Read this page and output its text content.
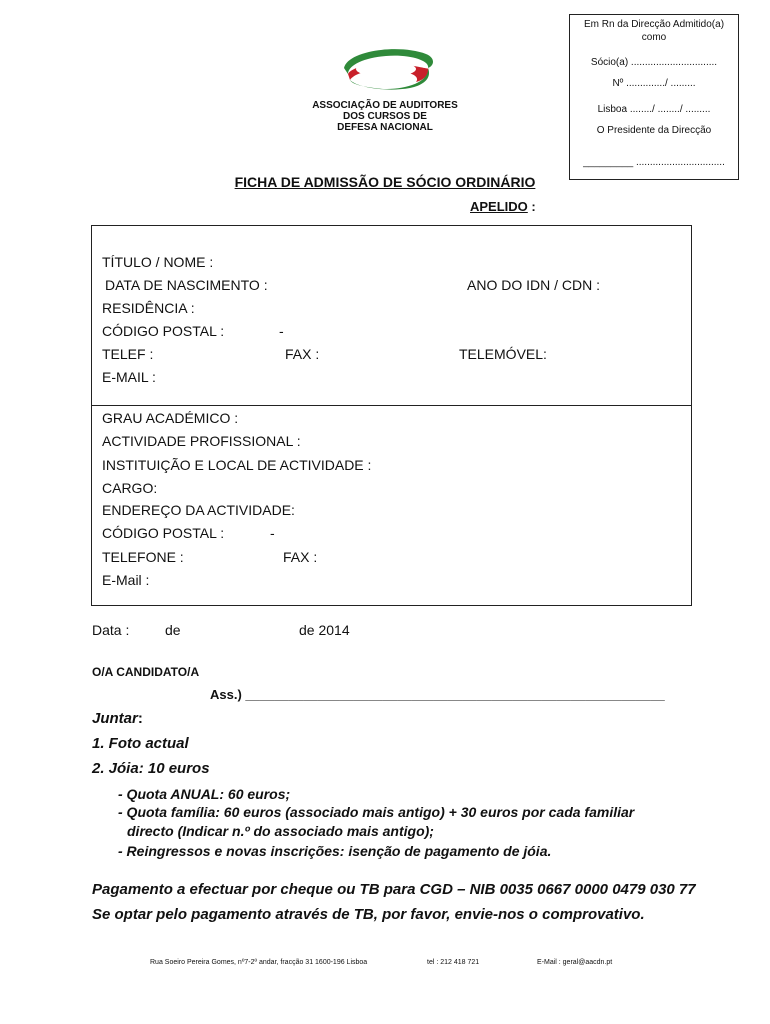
Em Rn da Direcção Admitido(a)
como
Sócio(a) ...............................
Nº ............../ .........
Lisboa ......../ ......../ .........
O Presidente da Direcção
_________ ................................
ASSOCIAÇÃO DE AUDITORES
DOS CURSOS DE
DEFESA NACIONAL
FICHA DE ADMISSÃO DE SÓCIO ORDINÁRIO
APELIDO :
TÍTULO / NOME :
DATA DE NASCIMENTO :	ANO DO IDN / CDN :
RESIDÊNCIA :
CÓDIGO POSTAL :	-
TELEF :	FAX :	TELEMÓVEL:
E-MAIL :
GRAU ACADÉMICO :
ACTIVIDADE PROFISSIONAL :
INSTITUIÇÃO E LOCAL DE ACTIVIDADE :
CARGO:
ENDEREÇO DA ACTIVIDADE:
CÓDIGO POSTAL :	-
TELEFONE :	FAX :
E-Mail :
Data :	de	de 2014
O/A CANDIDATO/A
Ass.) __________________________________________________________
Juntar:
1. Foto actual
2. Jóia: 10 euros
- Quota ANUAL: 60 euros;
- Quota família: 60 euros (associado mais antigo) + 30 euros por cada familiar
directo (Indicar n.º do associado mais antigo);
- Reingressos e novas inscrições: isenção de pagamento de jóia.
Pagamento a efectuar por cheque ou TB para CGD – NIB 0035 0667 0000 0479 030 77
Se optar pelo pagamento através de TB, por favor, envie-nos o comprovativo.
Rua Soeiro Pereira Gomes, nº7-2º andar, fracção 31 1600-196 Lisboa	tel : 212 418 721	E-Mail : geral@aacdn.pt
